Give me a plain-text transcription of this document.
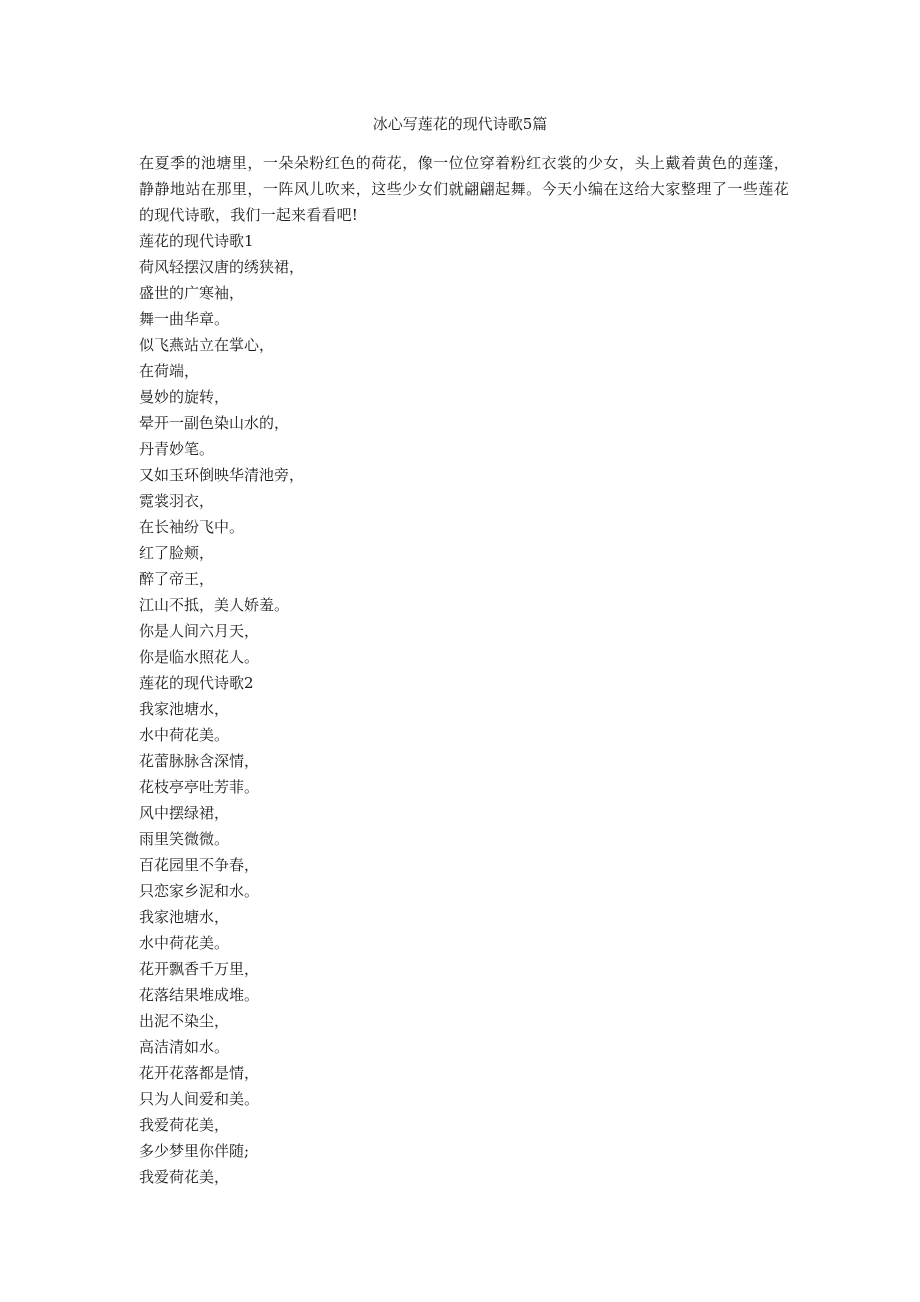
冰心写莲花的现代诗歌5篇

在夏季的池塘里，一朵朵粉红色的荷花，像一位位穿着粉红衣裳的少女，头上戴着黄色的莲蓬，静静地站在那里，一阵风儿吹来，这些少女们就翩翩起舞。今天小编在这给大家整理了一些莲花的现代诗歌，我们一起来看看吧!

莲花的现代诗歌1

荷风轻摆汉唐的绣狭裙，

盛世的广寒袖，

舞一曲华章。

似飞燕站立在掌心，

在荷端，

曼妙的旋转，

晕开一副色染山水的，

丹青妙笔。

又如玉环倒映华清池旁，

霓裳羽衣，

在长袖纷飞中。

红了脸颊，

醉了帝王，

江山不抵，美人娇羞。

你是人间六月天，

你是临水照花人。

莲花的现代诗歌2

我家池塘水，

水中荷花美。

花蕾脉脉含深情，

花枝亭亭吐芳菲。

风中摆绿裙，

雨里笑微微。

百花园里不争春，

只恋家乡泥和水。

我家池塘水，

水中荷花美。

花开飘香千万里，

花落结果堆成堆。

出泥不染尘，

高洁清如水。

花开花落都是情，

只为人间爱和美。

我爱荷花美，

多少梦里你伴随;

我爱荷花美，
